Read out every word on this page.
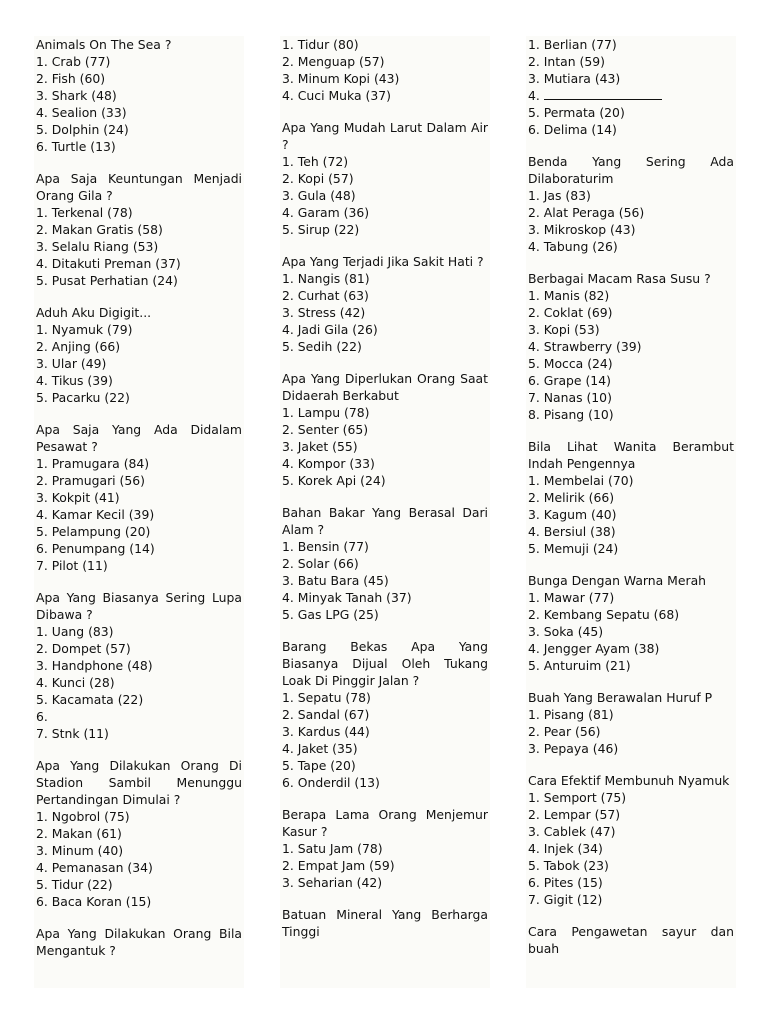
Animals On The Sea ?
1. Crab (77)
2. Fish (60)
3. Shark (48)
4. Sealion (33)
5. Dolphin (24)
6. Turtle (13)
Apa Saja Keuntungan Menjadi Orang Gila ?
1. Terkenal (78)
2. Makan Gratis (58)
3. Selalu Riang (53)
4. Ditakuti Preman (37)
5. Pusat Perhatian (24)
Aduh Aku Digigit...
1. Nyamuk (79)
2. Anjing (66)
3. Ular (49)
4. Tikus (39)
5. Pacarku (22)
Apa Saja Yang Ada Didalam Pesawat ?
1. Pramugara (84)
2. Pramugari (56)
3. Kokpit (41)
4. Kamar Kecil (39)
5. Pelampung (20)
6. Penumpang (14)
7. Pilot (11)
Apa Yang Biasanya Sering Lupa Dibawa ?
1. Uang (83)
2. Dompet (57)
3. Handphone (48)
4. Kunci (28)
5. Kacamata (22)
6.
7. Stnk (11)
Apa Yang Dilakukan Orang Di Stadion Sambil Menunggu Pertandingan Dimulai ?
1. Ngobrol (75)
2. Makan (61)
3. Minum (40)
4. Pemanasan (34)
5. Tidur (22)
6. Baca Koran (15)
Apa Yang Dilakukan Orang Bila Mengantuk ?
1. Tidur (80)
2. Menguap (57)
3. Minum Kopi (43)
4. Cuci Muka (37)
Apa Yang Mudah Larut Dalam Air ?
1. Teh (72)
2. Kopi (57)
3. Gula (48)
4. Garam (36)
5. Sirup (22)
Apa Yang Terjadi Jika Sakit Hati ?
1. Nangis (81)
2. Curhat (63)
3. Stress (42)
4. Jadi Gila (26)
5. Sedih (22)
Apa Yang Diperlukan Orang Saat Didaerah Berkabut
1. Lampu (78)
2. Senter (65)
3. Jaket (55)
4. Kompor (33)
5. Korek Api (24)
Bahan Bakar Yang Berasal Dari Alam ?
1. Bensin (77)
2. Solar (66)
3. Batu Bara (45)
4. Minyak Tanah (37)
5. Gas LPG (25)
Barang Bekas Apa Yang Biasanya Dijual Oleh Tukang Loak Di Pinggir Jalan ?
1. Sepatu (78)
2. Sandal (67)
3. Kardus (44)
4. Jaket (35)
5. Tape (20)
6. Onderdil (13)
Berapa Lama Orang Menjemur Kasur ?
1. Satu Jam (78)
2. Empat Jam (59)
3. Seharian (42)
Batuan Mineral Yang Berharga Tinggi
1. Berlian (77)
2. Intan (59)
3. Mutiara (43)
4.
5. Permata (20)
6. Delima (14)
Benda Yang Sering Ada Dilaboraturim
1. Jas (83)
2. Alat Peraga (56)
3. Mikroskop (43)
4. Tabung (26)
Berbagai Macam Rasa Susu ?
1. Manis (82)
2. Coklat (69)
3. Kopi (53)
4. Strawberry (39)
5. Mocca (24)
6. Grape (14)
7. Nanas (10)
8. Pisang (10)
Bila Lihat Wanita Berambut Indah Pengennya
1. Membelai (70)
2. Melirik (66)
3. Kagum (40)
4. Bersiul (38)
5. Memuji (24)
Bunga Dengan Warna Merah
1. Mawar (77)
2. Kembang Sepatu (68)
3. Soka (45)
4. Jengger Ayam (38)
5. Anturuim (21)
Buah Yang Berawalan Huruf P
1. Pisang (81)
2. Pear (56)
3. Pepaya (46)
Cara Efektif Membunuh Nyamuk
1. Semport (75)
2. Lempar (57)
3. Cablek (47)
4. Injek (34)
5. Tabok (23)
6. Pites (15)
7. Gigit (12)
Cara Pengawetan sayur dan buah
